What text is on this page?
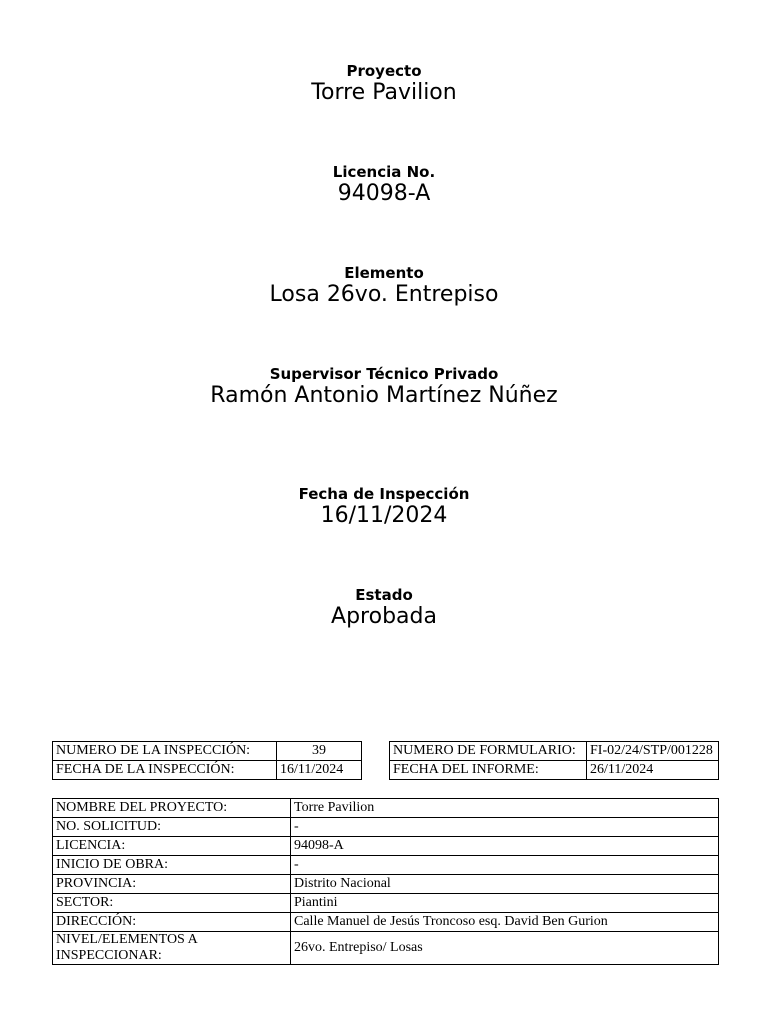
Proyecto
Torre Pavilion
Licencia No.
94098-A
Elemento
Losa 26vo. Entrepiso
Supervisor Técnico Privado
Ramón Antonio Martínez Núñez
Fecha de Inspección
16/11/2024
Estado
Aprobada
NUMERO DE LA INSPECCIÓN:	39
FECHA DE LA INSPECCIÓN:	16/11/2024
NUMERO DE FORMULARIO:	FI-02/24/STP/001228
FECHA DEL INFORME:	26/11/2024
NOMBRE DEL PROYECTO:	Torre Pavilion
NO. SOLICITUD:	-
LICENCIA:	94098-A
INICIO DE OBRA:	-
PROVINCIA:	Distrito Nacional
SECTOR:	Piantini
DIRECCIÓN:	Calle Manuel de Jesús Troncoso esq. David Ben Gurion
NIVEL/ELEMENTOS A INSPECCIONAR:	26vo. Entrepiso/ Losas
